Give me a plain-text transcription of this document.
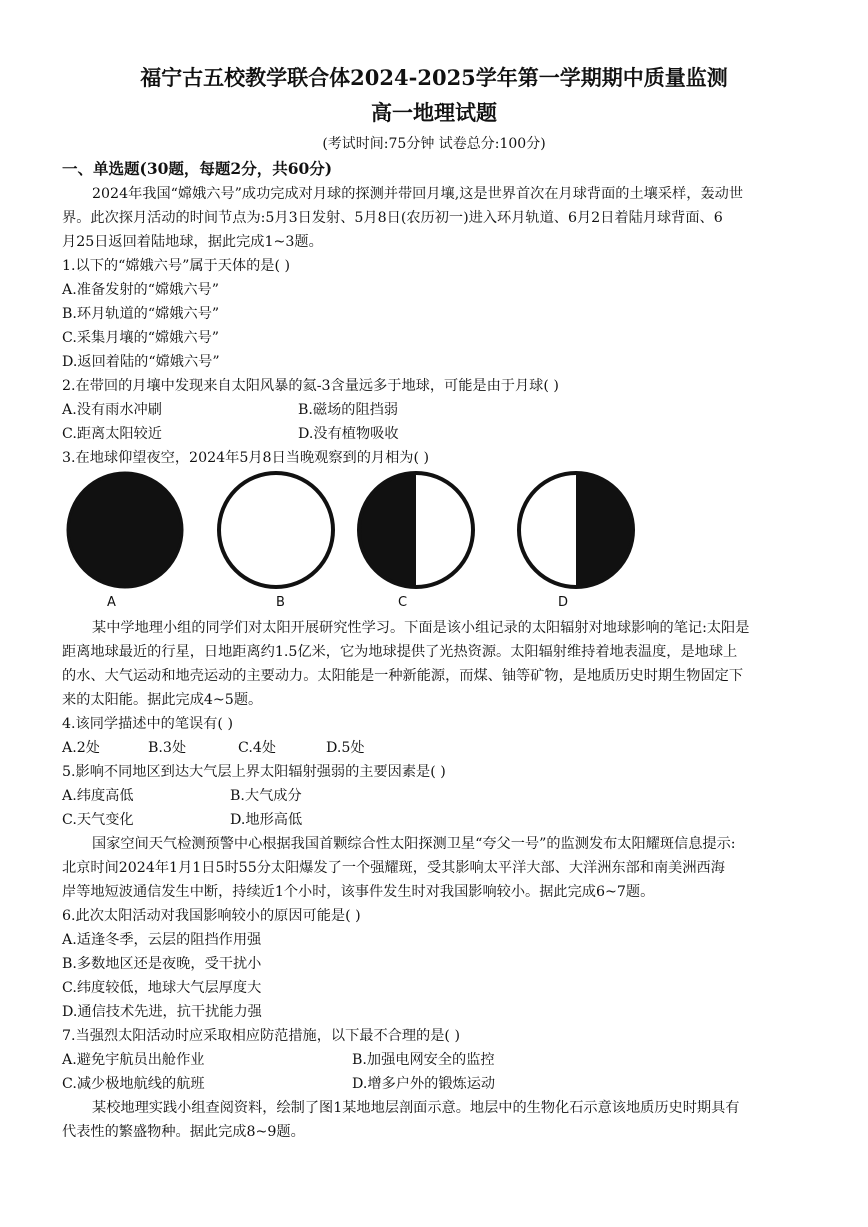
福宁古五校教学联合体2024-2025学年第一学期期中质量监测
高一地理试题
(考试时间:75分钟 试卷总分:100分)
一、单选题(30题，每题2分，共60分)
2024年我国“嫦娥六号”成功完成对月球的探测并带回月壤,这是世界首次在月球背面的土壤采样，轰动世
界。此次探月活动的时间节点为:5月3日发射、5月8日(农历初一)进入环月轨道、6月2日着陆月球背面、6
月25日返回着陆地球，据此完成1~3题。
1.以下的“嫦娥六号”属于天体的是( )
A.准备发射的“嫦娥六号”
B.环月轨道的“嫦娥六号”
C.采集月壤的“嫦娥六号”
D.返回着陆的“嫦娥六号”
2.在带回的月壤中发现来自太阳风暴的氦-3含量远多于地球，可能是由于月球( )
A.没有雨水冲刷	B.磁场的阻挡弱
C.距离太阳较近	D.没有植物吸收
3.在地球仰望夜空，2024年5月8日当晚观察到的月相为( )
A	B	C	D
某中学地理小组的同学们对太阳开展研究性学习。下面是该小组记录的太阳辐射对地球影响的笔记:太阳是
距离地球最近的行星，日地距离约1.5亿米，它为地球提供了光热资源。太阳辐射维持着地表温度，是地球上
的水、大气运动和地壳运动的主要动力。太阳能是一种新能源，而煤、铀等矿物，是地质历史时期生物固定下
来的太阳能。据此完成4~5题。
4.该同学描述中的笔误有( )
A.2处	B.3处	C.4处	D.5处
5.影响不同地区到达大气层上界太阳辐射强弱的主要因素是( )
A.纬度高低	B.大气成分
C.天气变化	D.地形高低
国家空间天气检测预警中心根据我国首颗综合性太阳探测卫星“夸父一号”的监测发布太阳耀斑信息提示:
北京时间2024年1月1日5时55分太阳爆发了一个强耀斑，受其影响太平洋大部、大洋洲东部和南美洲西海
岸等地短波通信发生中断，持续近1个小时，该事件发生时对我国影响较小。据此完成6~7题。
6.此次太阳活动对我国影响较小的原因可能是( )
A.适逢冬季，云层的阻挡作用强
B.多数地区还是夜晚，受干扰小
C.纬度较低，地球大气层厚度大
D.通信技术先进，抗干扰能力强
7.当强烈太阳活动时应采取相应防范措施，以下最不合理的是( )
A.避免宇航员出舱作业	B.加强电网安全的监控
C.减少极地航线的航班	D.增多户外的锻炼运动
某校地理实践小组查阅资料，绘制了图1某地地层剖面示意。地层中的生物化石示意该地质历史时期具有
代表性的繁盛物种。据此完成8~9题。
